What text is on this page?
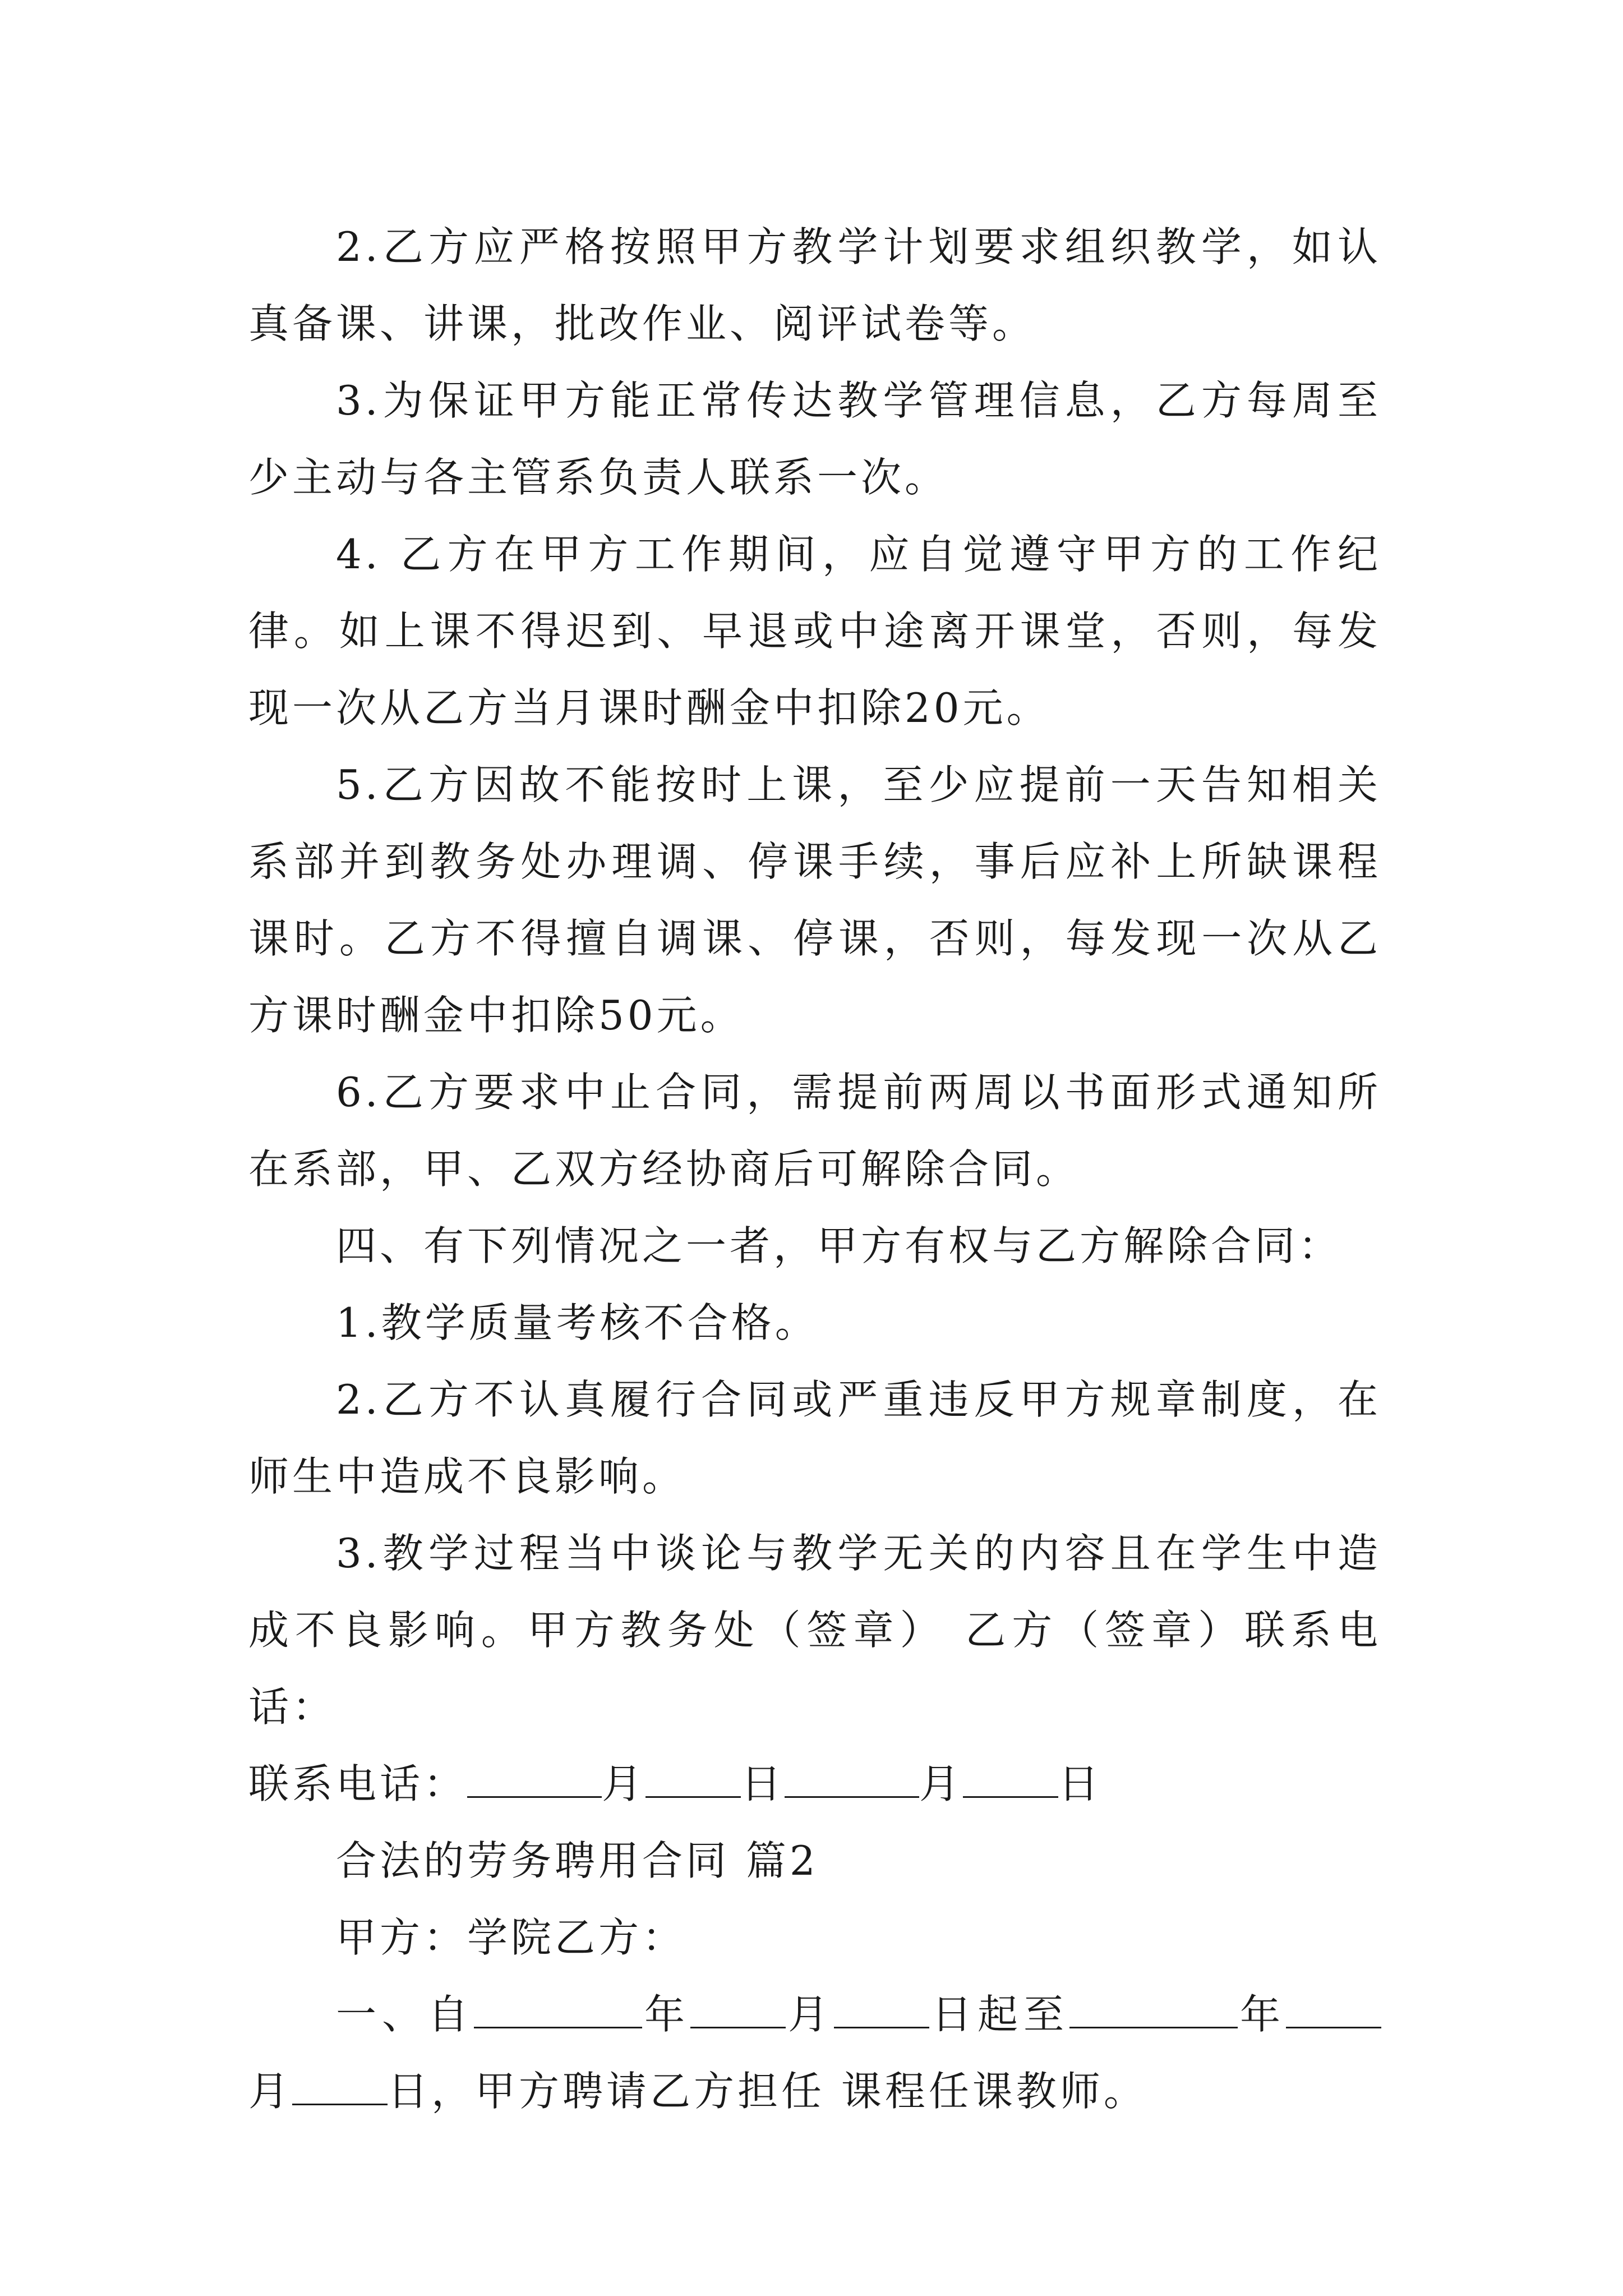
2.乙方应严格按照甲方教学计划要求组织教学，如认真备课、讲课，批改作业、阅评试卷等。

3.为保证甲方能正常传达教学管理信息，乙方每周至少主动与各主管系负责人联系一次。

4. 乙方在甲方工作期间，应自觉遵守甲方的工作纪律。如上课不得迟到、早退或中途离开课堂，否则，每发现一次从乙方当月课时酬金中扣除20元。

5.乙方因故不能按时上课，至少应提前一天告知相关系部并到教务处办理调、停课手续，事后应补上所缺课程课时。乙方不得擅自调课、停课，否则，每发现一次从乙方课时酬金中扣除50元。

6.乙方要求中止合同，需提前两周以书面形式通知所在系部，甲、乙双方经协商后可解除合同。

四、有下列情况之一者，甲方有权与乙方解除合同：

1.教学质量考核不合格。

2.乙方不认真履行合同或严重违反甲方规章制度，在师生中造成不良影响。

3.教学过程当中谈论与教学无关的内容且在学生中造成不良影响。甲方教务处（签章） 乙方（签章）联系电话：

联系电话：	月 日	月 日

合法的劳务聘用合同 篇2

甲方：学院乙方：

一、自	年 月 日起至	年月 日，甲方聘请乙方担任 课程任课教师。
